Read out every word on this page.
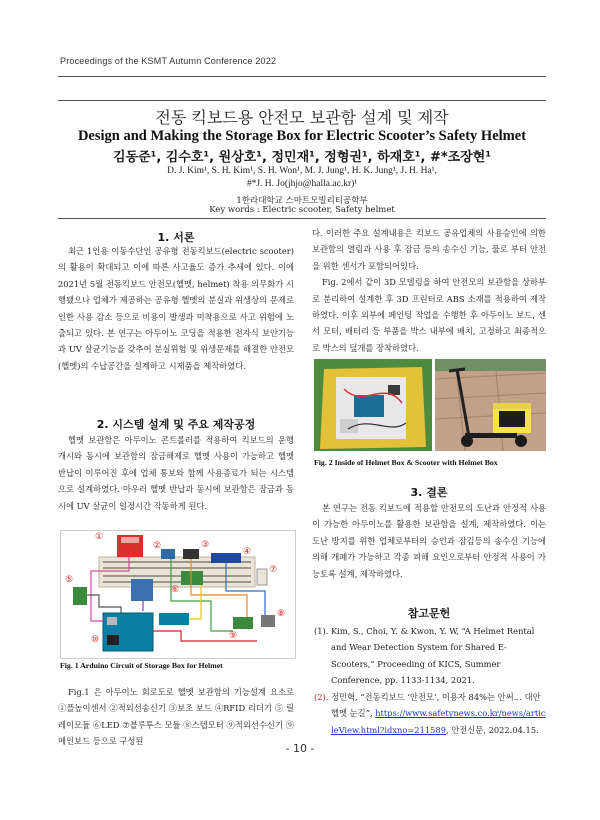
Proceedings of the KSMT Autumn Conference 2022
전동 킥보드용 안전모 보관함 설계 및 제작
Design and Making the Storage Box for Electric Scooter’s Safety Helmet
김동준¹, 김수호¹, 원상호¹, 정민재¹, 정형권¹, 하재호¹, #*조장현¹
D. J. Kim¹, S. H. Kim¹, S. H. Won¹, M. J. Jung¹, H. K. Jung¹, J. H. Ha¹,
#*J. H. Jo(jhjo@halla.ac.kr)¹
1한라대학교 스마트모빌리티공학부
Key words : Electric scooter, Safety helmet
1. 서론

최근 1인용 이동수단인 공유형 전동킥보드(electric scooter)의 활용이 확대되고 이에 따른 사고율도 증가 추세에 있다. 이에 2021년 5월 전동킥보드 안전모(헬멧, helmet) 착용 의무화가 시행됐으나 업체가 제공하는 공유형 헬멧의 분실과 위생상의 문제로 인한 사용 감소 등으로 비용이 발생과 미착용으로 사고 위험에 노출되고 있다. 본 연구는 아두이노 코딩을 적용한 전자식 보안기능과 UV 살균기능을 갖추어 분실위험 및 위생문제를 해결한 안전모(헬멧)의 수납공간을 설계하고 시제품을 제작하였다.

2. 시스템 설계 및 주요 제작공정

헬멧 보관함은 아두이노 콘트롤러를 적용하여 킥보드의 운행 개시와 동시에 보관함의 잠금해제로 헬멧 사용이 가능하고 헬멧 반납이 이루어진 후에 업체 통보와 함께 사용종료가 되는 시스템으로 설계하였다. 아우러 헬멧 반납과 동시에 보관함은 잠금과 동시에 UV 살균이 일정시간 작동하게 된다.

①
②	③
④
⑤
⑥
⑦
⑧
⑨
⑩
Fig. 1 Arduino Circuit of Storage Box for Helmet

Fig.1 은 아두이노 회로도로 헬멧 보관함의 기능설계 요소로 ①플높이센서 ②적외선송신기 ③보조 보드 ④RFID 리더기 ⑤ 릴레이모듈 ⑥LED ⑦블루투스 모듈 ⑧스텝모터 ⑨적외선수신기 ⑨메인보드 등으로 구성된

다. 이러한 주요 설계내용은 킥보드 공유업체의 사용승인에 의한 보관함의 열림과 사용 후 잠금 등의 송수신 기능, 물로 부터 안전을 위한 센서가 포함되어있다.

Fig. 2에서 같이 3D 모델링을 하여 안전모의 보관함을 상하부로 분리하여 설계한 후 3D 프린터로 ABS 소재를 적용하여 제작하였다. 이후 외부에 페인팅 작업을 수행한 후 아두이노 보드, 센서 모터, 배터리 등 부품을 박스 내부에 배치, 고정하고 최종적으로 박스의 덮개를 장착하였다.

Fig. 2 Inside of Helmet Box & Scooter with Helmet Box
3. 결론

본 연구는 전동 킥보드에 적용할 안전모의 도난과 안정적 사용이 가능한 아두이노를 활용한 보관함을 설계, 제작하였다. 이는 도난 방지를 위한 업체로부터의 승인과 잠김등의 송수신 기능에 의해 개폐가 가능하고 각종 피해 요인으로부터 안정적 사용이 가능토록 설계, 제작하였다.

참고문헌
(1). Kim, S., Choi, Y. & Kwon, Y. W, “A Helmet Rental and Wear Detection System for Shared E-Scooters,” Proceeding of KICS, Summer Conference, pp. 1133-1134, 2021.
(2). 정민혁, “전동킥보드 ‘안전모’, 이용자 84%는 안써… 대안 헬멧 눈길”, https://www.safetynews.co.kr/news/articleView.html?idxno=211589, 안전신문, 2022.04.15.
- 10 -
